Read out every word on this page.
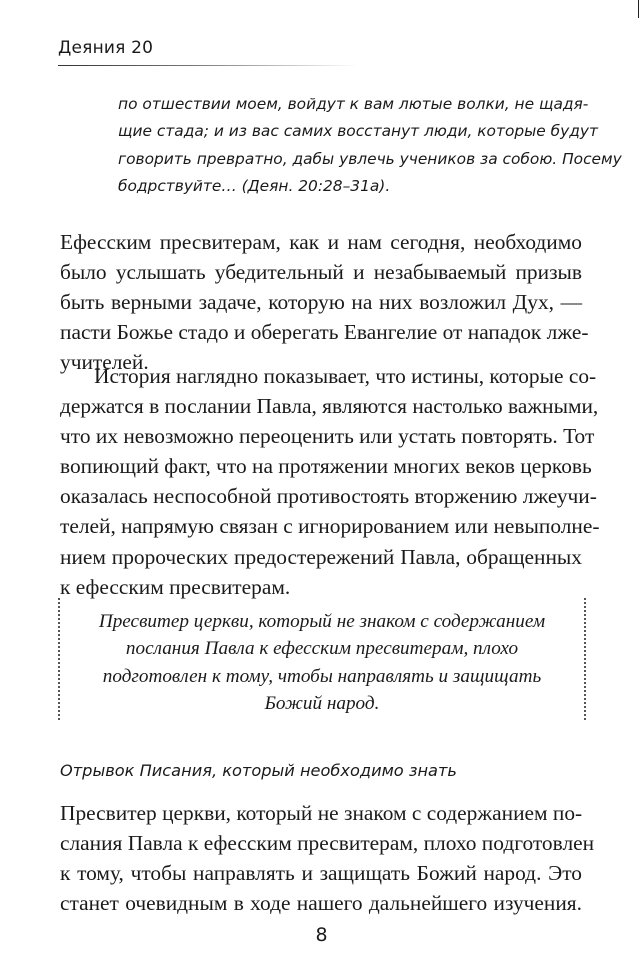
Деяния 20
по отшествии моем, войдут к вам лютые волки, не щадя-
щие стада; и из вас самих восстанут люди, которые будут
говорить превратно, дабы увлечь учеников за собою. Посему
бодрствуйте… (Деян. 20:28–31а).
Ефесским пресвитерам, как и нам сегодня, необходимо
было услышать убедительный и незабываемый призыв
быть верными задаче, которую на них возложил Дух, —
пасти Божье стадо и оберегать Евангелие от нападок лже-
учителей.
История наглядно показывает, что истины, которые со-
держатся в послании Павла, являются настолько важными,
что их невозможно переоценить или устать повторять. Тот
вопиющий факт, что на протяжении многих веков церковь
оказалась неспособной противостоять вторжению лжеучи-
телей, напрямую связан с игнорированием или невыполне-
нием пророческих предостережений Павла, обращенных
к ефесским пресвитерам.
Пресвитер церкви, который не знаком с содержанием
послания Павла к ефесским пресвитерам, плохо
подготовлен к тому, чтобы направлять и защищать
Божий народ.
Отрывок Писания, который необходимо знать
Пресвитер церкви, который не знаком с содержанием по-
слания Павла к ефесским пресвитерам, плохо подготовлен
к тому, чтобы направлять и защищать Божий народ. Это
станет очевидным в ходе нашего дальнейшего изучения.
8
